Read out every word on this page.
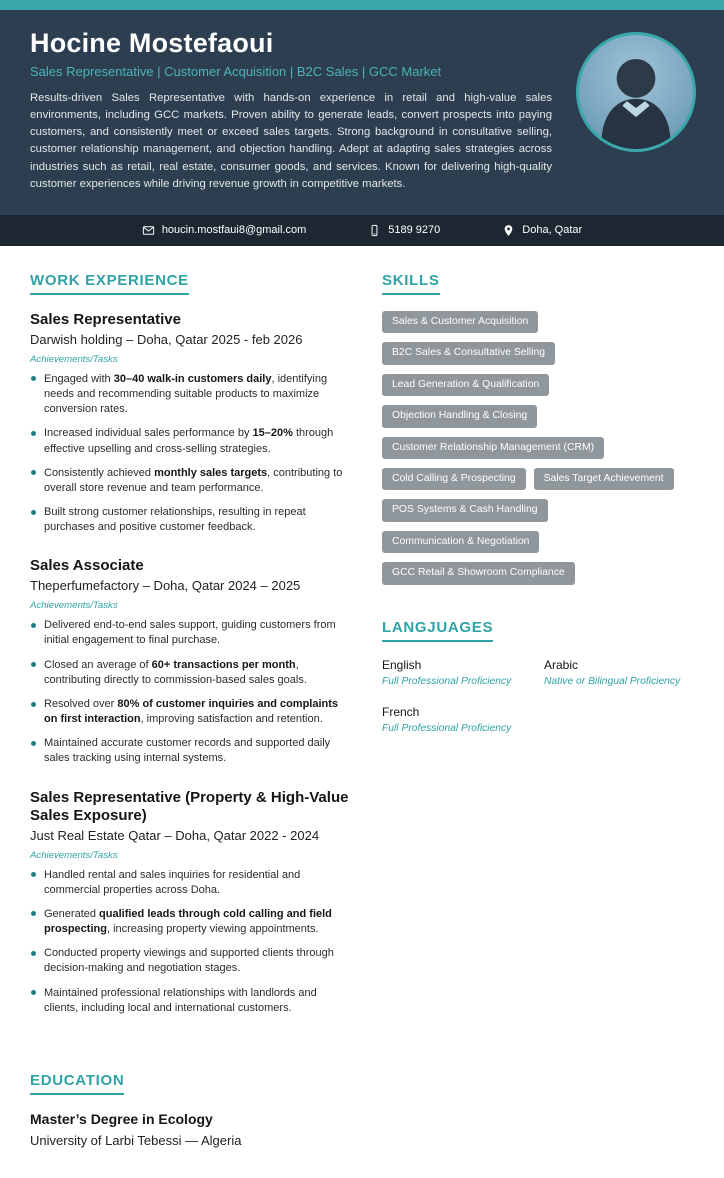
Hocine Mostefaoui
Sales Representative | Customer Acquisition | B2C Sales | GCC Market

Results-driven Sales Representative with hands-on experience in retail and high-value sales environments, including GCC markets. Proven ability to generate leads, convert prospects into paying customers, and consistently meet or exceed sales targets. Strong background in consultative selling, customer relationship management, and objection handling. Adept at adapting sales strategies across industries such as retail, real estate, consumer goods, and services. Known for delivering high-quality customer experiences while driving revenue growth in competitive markets.

houcin.mostfaui8@gmail.com	5189 9270	Doha, Qatar
WORK EXPERIENCE
Sales Representative
Darwish holding – Doha, Qatar 2025 - feb 2026
Achievements/Tasks
Engaged with 30–40 walk-in customers daily, identifying needs and recommending suitable products to maximize conversion rates.
Increased individual sales performance by 15–20% through effective upselling and cross-selling strategies.
Consistently achieved monthly sales targets, contributing to overall store revenue and team performance.
Built strong customer relationships, resulting in repeat purchases and positive customer feedback.
Sales Associate
Theperfumefactory – Doha, Qatar 2024 – 2025
Achievements/Tasks
Delivered end-to-end sales support, guiding customers from initial engagement to final purchase.
Closed an average of 60+ transactions per month, contributing directly to commission-based sales goals.
Resolved over 80% of customer inquiries and complaints on first interaction, improving satisfaction and retention.
Maintained accurate customer records and supported daily sales tracking using internal systems.
Sales Representative (Property & High-Value Sales Exposure)
Just Real Estate Qatar – Doha, Qatar 2022 - 2024
Achievements/Tasks
Handled rental and sales inquiries for residential and commercial properties across Doha.
Generated qualified leads through cold calling and field prospecting, increasing property viewing appointments.
Conducted property viewings and supported clients through decision-making and negotiation stages.
Maintained professional relationships with landlords and clients, including local and international customers.
EDUCATION
Master’s Degree in Ecology
University of Larbi Tebessi — Algeria
SKILLS
Sales & Customer Acquisition
B2C Sales & Consultative Selling
Lead Generation & Qualification
Objection Handling & Closing
Customer Relationship Management (CRM)
Cold Calling & Prospecting	Sales Target Achievement
POS Systems & Cash Handling
Communication & Negotiation
GCC Retail & Showroom Compliance
LANGJUAGES
English
Full Professional Proficiency
Arabic
Native or Bilingual Proficiency
French
Full Professional Proficiency
